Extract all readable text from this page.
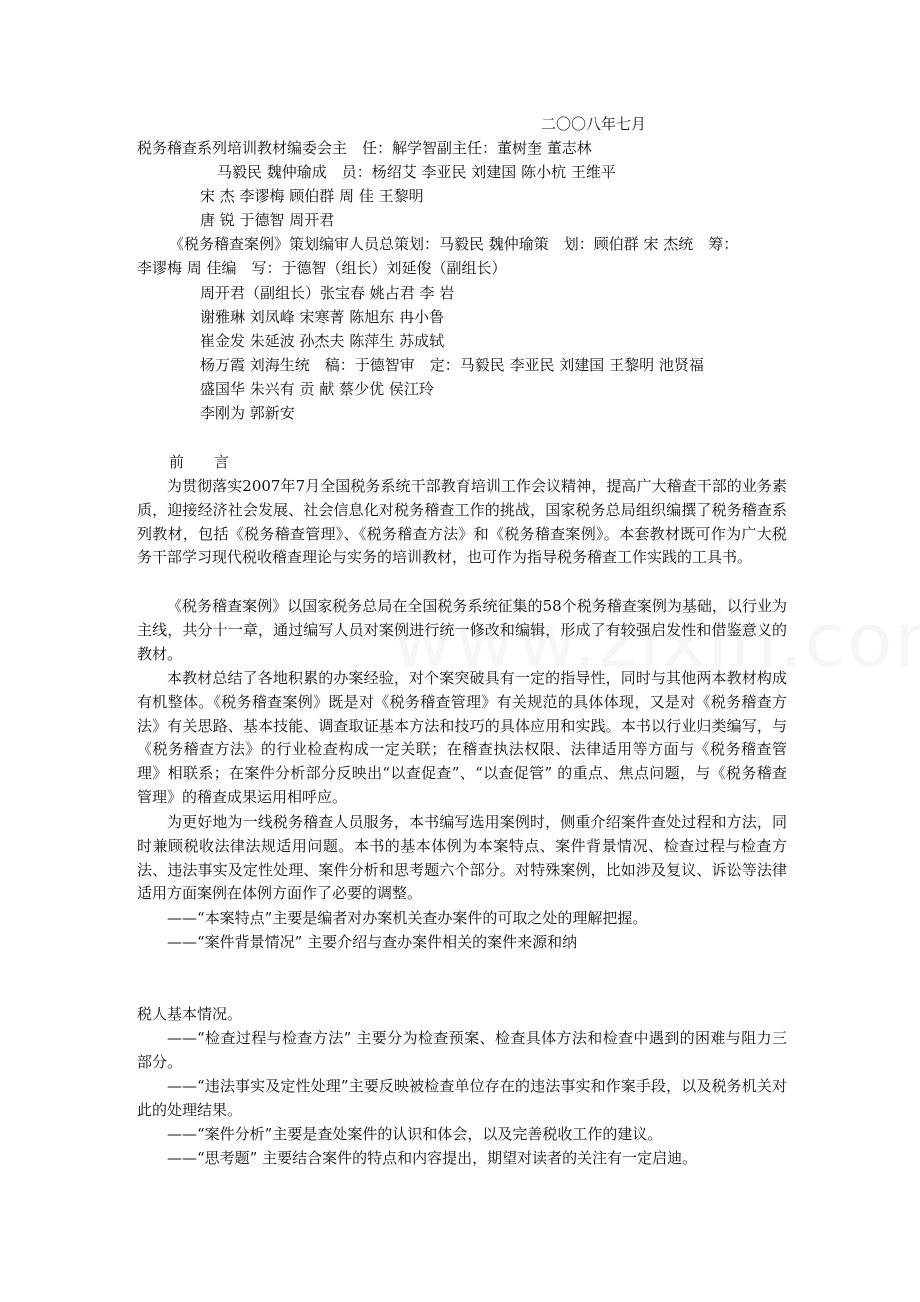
二〇〇八年七月
税务稽查系列培训教材编委会主　任：解学智副主任：董树奎 董志林
马毅民 魏仲瑜成　员：杨绍艾 李亚民 刘建国 陈小杭 王维平
宋 杰 李谬梅 顾伯群 周 佳 王黎明
唐 锐 于德智 周开君
《税务稽查案例》策划编审人员总策划：马毅民 魏仲瑜策　划：顾伯群 宋 杰统　筹：
李谬梅 周 佳编　写：于德智（组长）刘延俊（副组长）
周开君（副组长）张宝春 姚占君 李 岩
谢雅琳 刘凤峰 宋寒菁 陈旭东 冉小鲁
崔金发 朱延波 孙杰夫 陈萍生 苏成轼
杨万霞 刘海生统　稿：于德智审　定：马毅民 李亚民 刘建国 王黎明 池贤福
盛国华 朱兴有 贡 献 蔡少优 侯江玲
李刚为 郭新安
前　　言

为贯彻落实2007年7月全国税务系统干部教育培训工作会议精神，提高广大稽查干部的业务素质，迎接经济社会发展、社会信息化对税务稽查工作的挑战，国家税务总局组织编撰了税务稽查系列教材，包括《税务稽查管理》、《税务稽查方法》和《税务稽查案例》。本套教材既可作为广大税务干部学习现代税收稽查理论与实务的培训教材，也可作为指导税务稽查工作实践的工具书。

《税务稽查案例》以国家税务总局在全国税务系统征集的58个税务稽查案例为基础，以行业为主线，共分十一章，通过编写人员对案例进行统一修改和编辑，形成了有较强启发性和借鉴意义的教材。

本教材总结了各地积累的办案经验，对个案突破具有一定的指导性，同时与其他两本教材构成有机整体。《税务稽查案例》既是对《税务稽查管理》有关规范的具体体现，又是对《税务稽查方法》有关思路、基本技能、调查取证基本方法和技巧的具体应用和实践。本书以行业归类编写，与《税务稽查方法》的行业检查构成一定关联；在稽查执法权限、法律适用等方面与《税务稽查管理》相联系；在案件分析部分反映出“以查促查”、“以查促管” 的重点、焦点问题，与《税务稽查管理》的稽查成果运用相呼应。

为更好地为一线税务稽查人员服务，本书编写选用案例时，侧重介绍案件查处过程和方法，同时兼顾税收法律法规适用问题。本书的基本体例为本案特点、案件背景情况、检查过程与检查方法、违法事实及定性处理、案件分析和思考题六个部分。对特殊案例，比如涉及复议、诉讼等法律适用方面案例在体例方面作了必要的调整。

——“本案特点”主要是编者对办案机关查办案件的可取之处的理解把握。

——“案件背景情况” 主要介绍与查办案件相关的案件来源和纳

税人基本情况。

——“检查过程与检查方法” 主要分为检查预案、检查具体方法和检查中遇到的困难与阻力三部分。

——“违法事实及定性处理”主要反映被检查单位存在的违法事实和作案手段，以及税务机关对此的处理结果。

——“案件分析”主要是查处案件的认识和体会，以及完善税收工作的建议。

——“思考题” 主要结合案件的特点和内容提出，期望对读者的关注有一定启迪。
